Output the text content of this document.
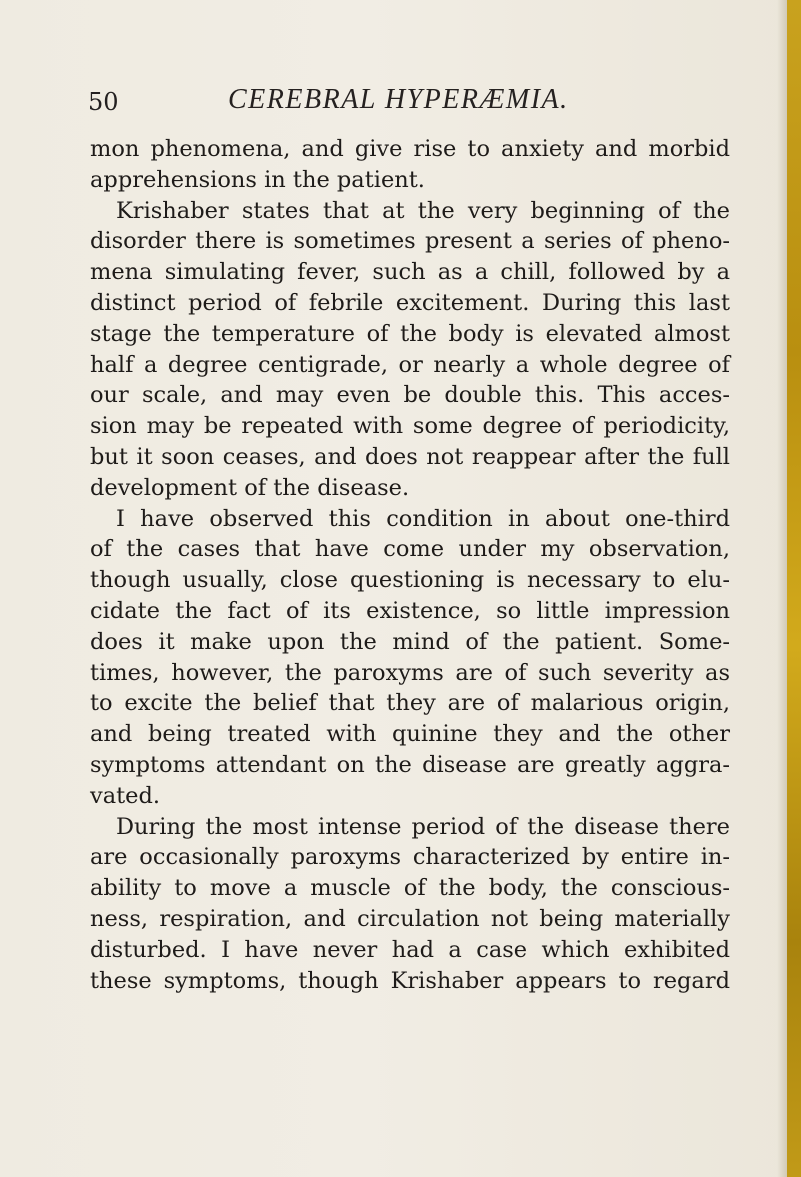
50	CEREBRAL HYPERÆMIA.
mon phenomena, and give rise to anxiety and morbid
apprehensions in the patient.
Krishaber states that at the very beginning of the
disorder there is sometimes present a series of pheno-
mena simulating fever, such as a chill, followed by a
distinct period of febrile excitement. During this last
stage the temperature of the body is elevated almost
half a degree centigrade, or nearly a whole degree of
our scale, and may even be double this. This acces-
sion may be repeated with some degree of periodicity,
but it soon ceases, and does not reappear after the full
development of the disease.
I have observed this condition in about one-third
of the cases that have come under my observation,
though usually, close questioning is necessary to elu-
cidate the fact of its existence, so little impression
does it make upon the mind of the patient. Some-
times, however, the paroxyms are of such severity as
to excite the belief that they are of malarious origin,
and being treated with quinine they and the other
symptoms attendant on the disease are greatly aggra-
vated.
During the most intense period of the disease there
are occasionally paroxyms characterized by entire in-
ability to move a muscle of the body, the conscious-
ness, respiration, and circulation not being materially
disturbed. I have never had a case which exhibited
these symptoms, though Krishaber appears to regard
